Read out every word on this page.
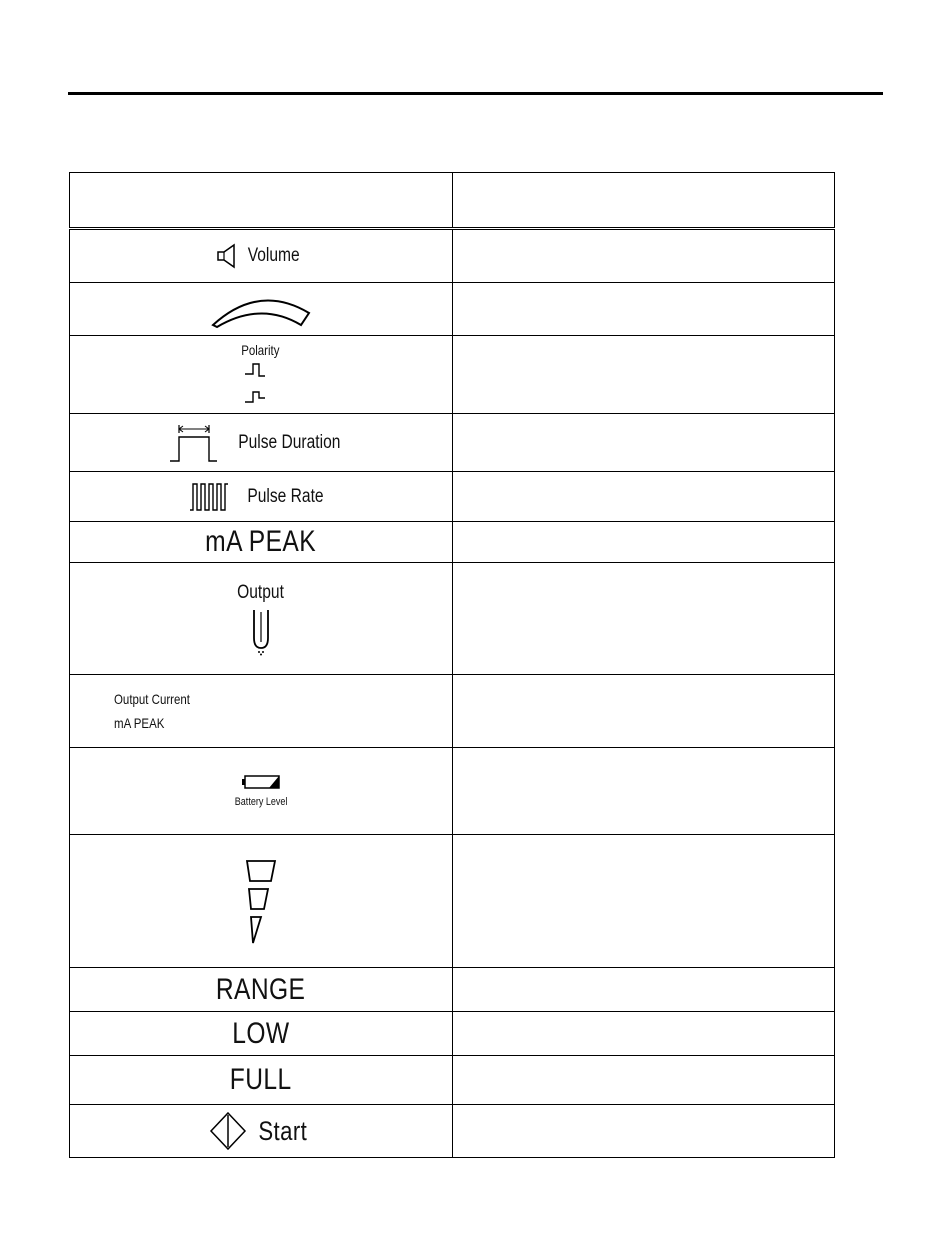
Volume	

Polarity	

Pulse Duration	

Pulse Rate	

mA PEAK	

Output	

Output Current
mA PEAK	

Battery Level	

RANGE	
LOW	
FULL	

Start	
